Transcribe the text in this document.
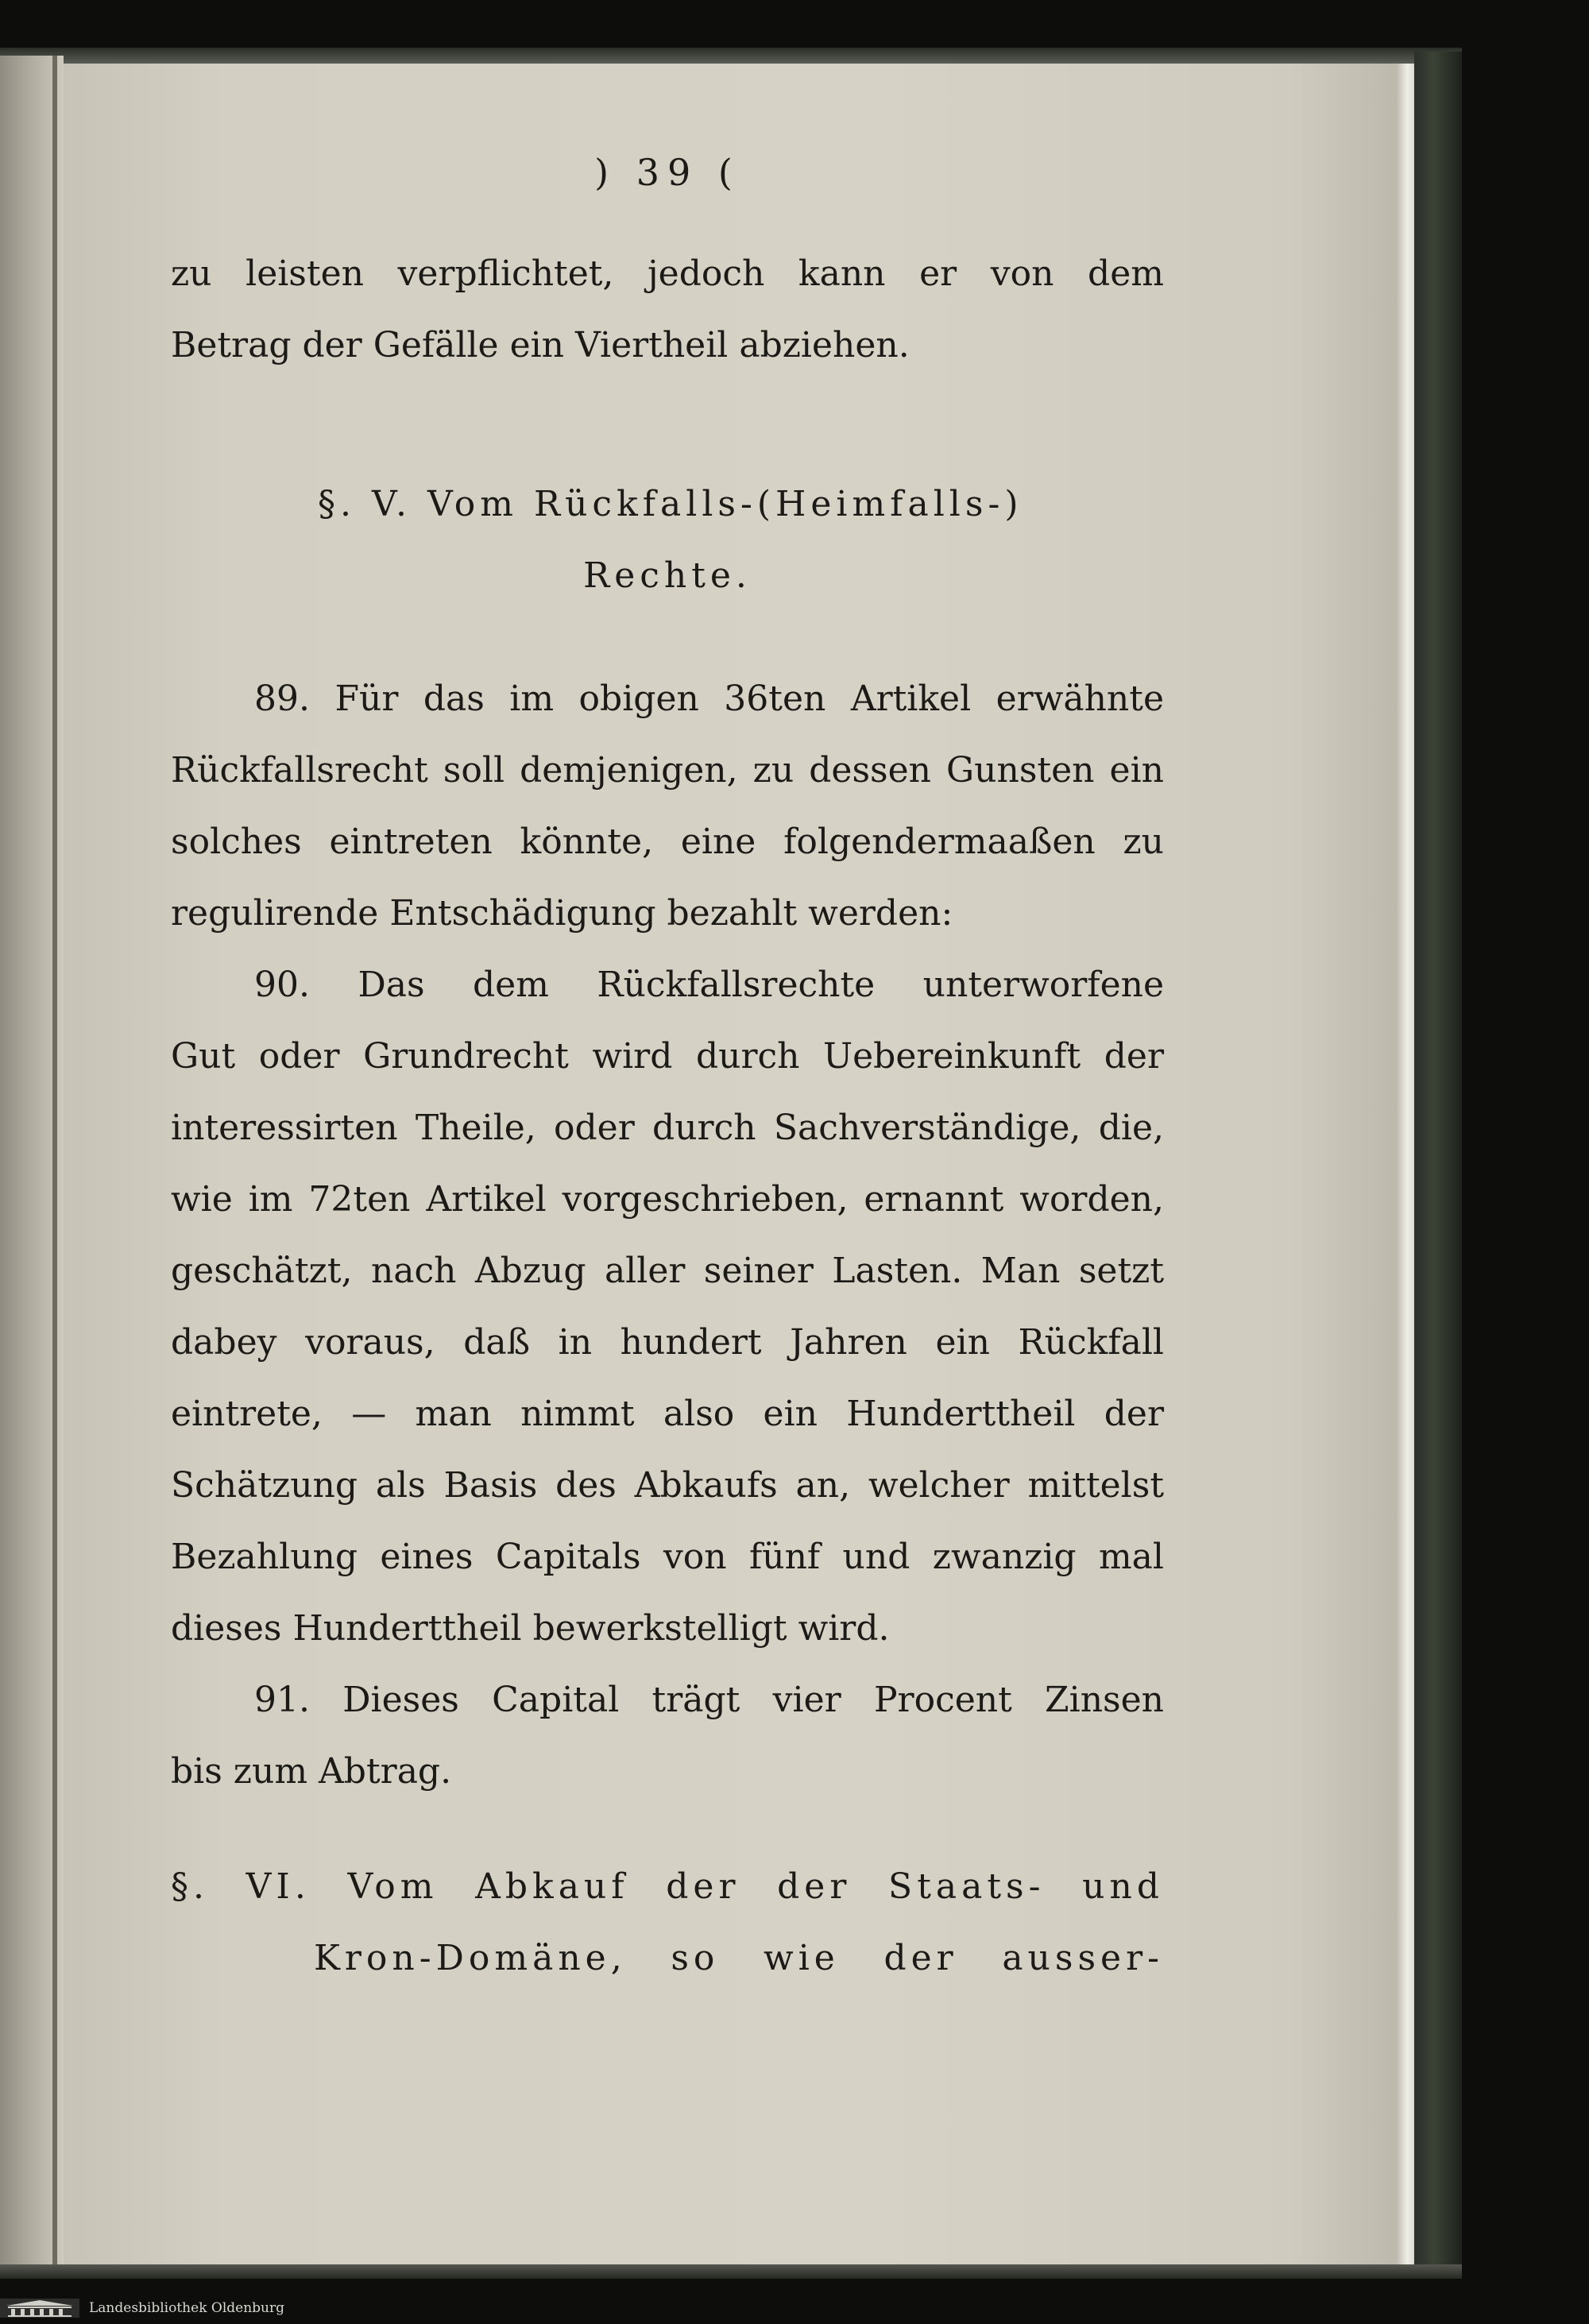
) 39 (
zu leisten verpflichtet, jedoch kann er von dem
Betrag der Gefälle ein Viertheil abziehen.
§. V. Vom Rückfalls-(Heimfalls-)
Rechte.
89. Für das im obigen 36ten Artikel erwähnte
Rückfallsrecht soll demjenigen, zu dessen Gunsten ein
solches eintreten könnte, eine folgendermaaßen zu
regulirende Entschädigung bezahlt werden:
90. Das dem Rückfallsrechte unterworfene
Gut oder Grundrecht wird durch Uebereinkunft der
interessirten Theile, oder durch Sachverständige, die,
wie im 72ten Artikel vorgeschrieben, ernannt worden,
geschätzt, nach Abzug aller seiner Lasten. Man setzt
dabey voraus, daß in hundert Jahren ein Rückfall
eintrete, — man nimmt also ein Hunderttheil der
Schätzung als Basis des Abkaufs an, welcher mittelst
Bezahlung eines Capitals von fünf und zwanzig mal
dieses Hunderttheil bewerkstelligt wird.
91. Dieses Capital trägt vier Procent Zinsen
bis zum Abtrag.
§. VI. Vom Abkauf der der Staats- und
Kron-Domäne, so wie der ausser-
Landesbibliothek Oldenburg
